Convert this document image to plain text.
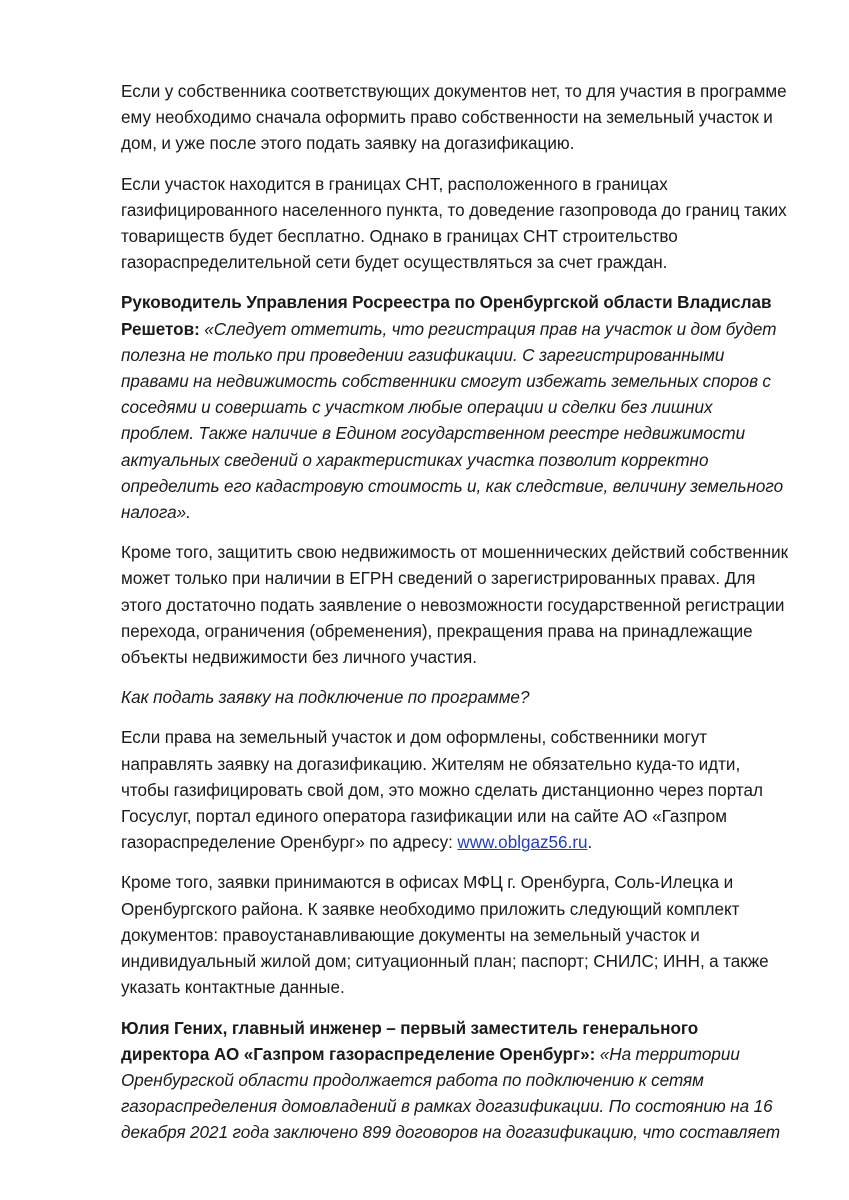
Если у собственника соответствующих документов нет, то для участия в программе ему необходимо сначала оформить право собственности на земельный участок и дом, и уже после этого подать заявку на догазификацию.

Если участок находится в границах СНТ, расположенного в границах газифицированного населенного пункта, то доведение газопровода до границ таких товариществ будет бесплатно. Однако в границах СНТ строительство газораспределительной сети будет осуществляться за счет граждан.

Руководитель Управления Росреестра по Оренбургской области Владислав Решетов: «Следует отметить, что регистрация прав на участок и дом будет полезна не только при проведении газификации. С зарегистрированными правами на недвижимость собственники смогут избежать земельных споров с соседями и совершать с участком любые операции и сделки без лишних проблем. Также наличие в Едином государственном реестре недвижимости актуальных сведений о характеристиках участка позволит корректно определить его кадастровую стоимость и, как следствие, величину земельного налога».

Кроме того, защитить свою недвижимость от мошеннических действий собственник может только при наличии в ЕГРН сведений о зарегистрированных правах. Для этого достаточно подать заявление о невозможности государственной регистрации перехода, ограничения (обременения), прекращения права на принадлежащие объекты недвижимости без личного участия.

Как подать заявку на подключение по программе?

Если права на земельный участок и дом оформлены, собственники могут направлять заявку на догазификацию. Жителям не обязательно куда-то идти, чтобы газифицировать свой дом, это можно сделать дистанционно через портал Госуслуг, портал единого оператора газификации или на сайте АО «Газпром газораспределение Оренбург» по адресу: www.oblgaz56.ru.

Кроме того, заявки принимаются в офисах МФЦ г. Оренбурга, Соль-Илецка и Оренбургского района. К заявке необходимо приложить следующий комплект документов: правоустанавливающие документы на земельный участок и индивидуальный жилой дом; ситуационный план; паспорт; СНИЛС; ИНН, а также указать контактные данные.

Юлия Гених, главный инженер – первый заместитель генерального директора АО «Газпром газораспределение Оренбург»: «На территории Оренбургской области продолжается работа по подключению к сетям газораспределения домовладений в рамках догазификации. По состоянию на 16 декабря 2021 года заключено 899 договоров на догазификацию, что составляет
